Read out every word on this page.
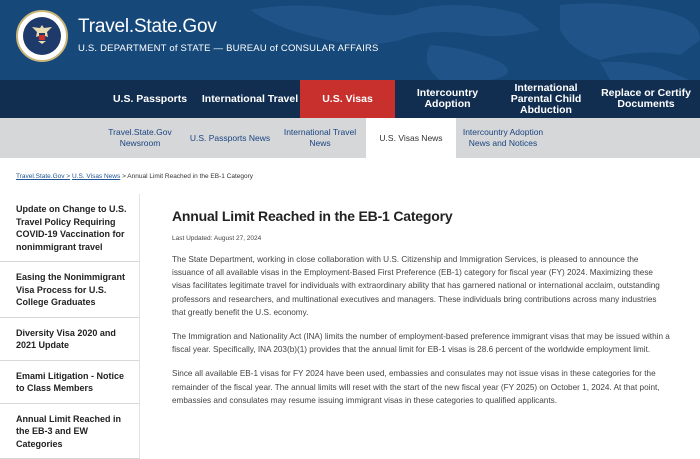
Travel.State.Gov
U.S. DEPARTMENT of STATE — BUREAU of CONSULAR AFFAIRS
U.S. Passports	International Travel	U.S. Visas	Intercountry Adoption
International Parental Child Abduction
Replace or Certify Documents
Travel.State.Gov Newsroom
U.S. Passports News
International Travel News
U.S. Visas News
Intercountry Adoption News and Notices
Travel.State.Gov > U.S. Visas News > Annual Limit Reached in the EB-1 Category
Update on Change to U.S. Travel Policy Requiring COVID-19 Vaccination for nonimmigrant travel
Easing the Nonimmigrant Visa Process for U.S. College Graduates
Diversity Visa 2020 and 2021 Update
Emami Litigation - Notice to Class Members
Annual Limit Reached in the EB-3 and EW Categories
Annual Limit Reached in the EB-1 Category
Last Updated: August 27, 2024

The State Department, working in close collaboration with U.S. Citizenship and Immigration Services, is pleased to announce the issuance of all available visas in the Employment-Based First Preference (EB-1) category for fiscal year (FY) 2024. Maximizing these visas facilitates legitimate travel for individuals with extraordinary ability that has garnered national or international acclaim, outstanding professors and researchers, and multinational executives and managers. These individuals bring contributions across many industries that greatly benefit the U.S. economy.

The Immigration and Nationality Act (INA) limits the number of employment-based preference immigrant visas that may be issued within a fiscal year. Specifically, INA 203(b)(1) provides that the annual limit for EB-1 visas is 28.6 percent of the worldwide employment limit.

Since all available EB-1 visas for FY 2024 have been used, embassies and consulates may not issue visas in these categories for the remainder of the fiscal year. The annual limits will reset with the start of the new fiscal year (FY 2025) on October 1, 2024. At that point, embassies and consulates may resume issuing immigrant visas in these categories to qualified applicants.
